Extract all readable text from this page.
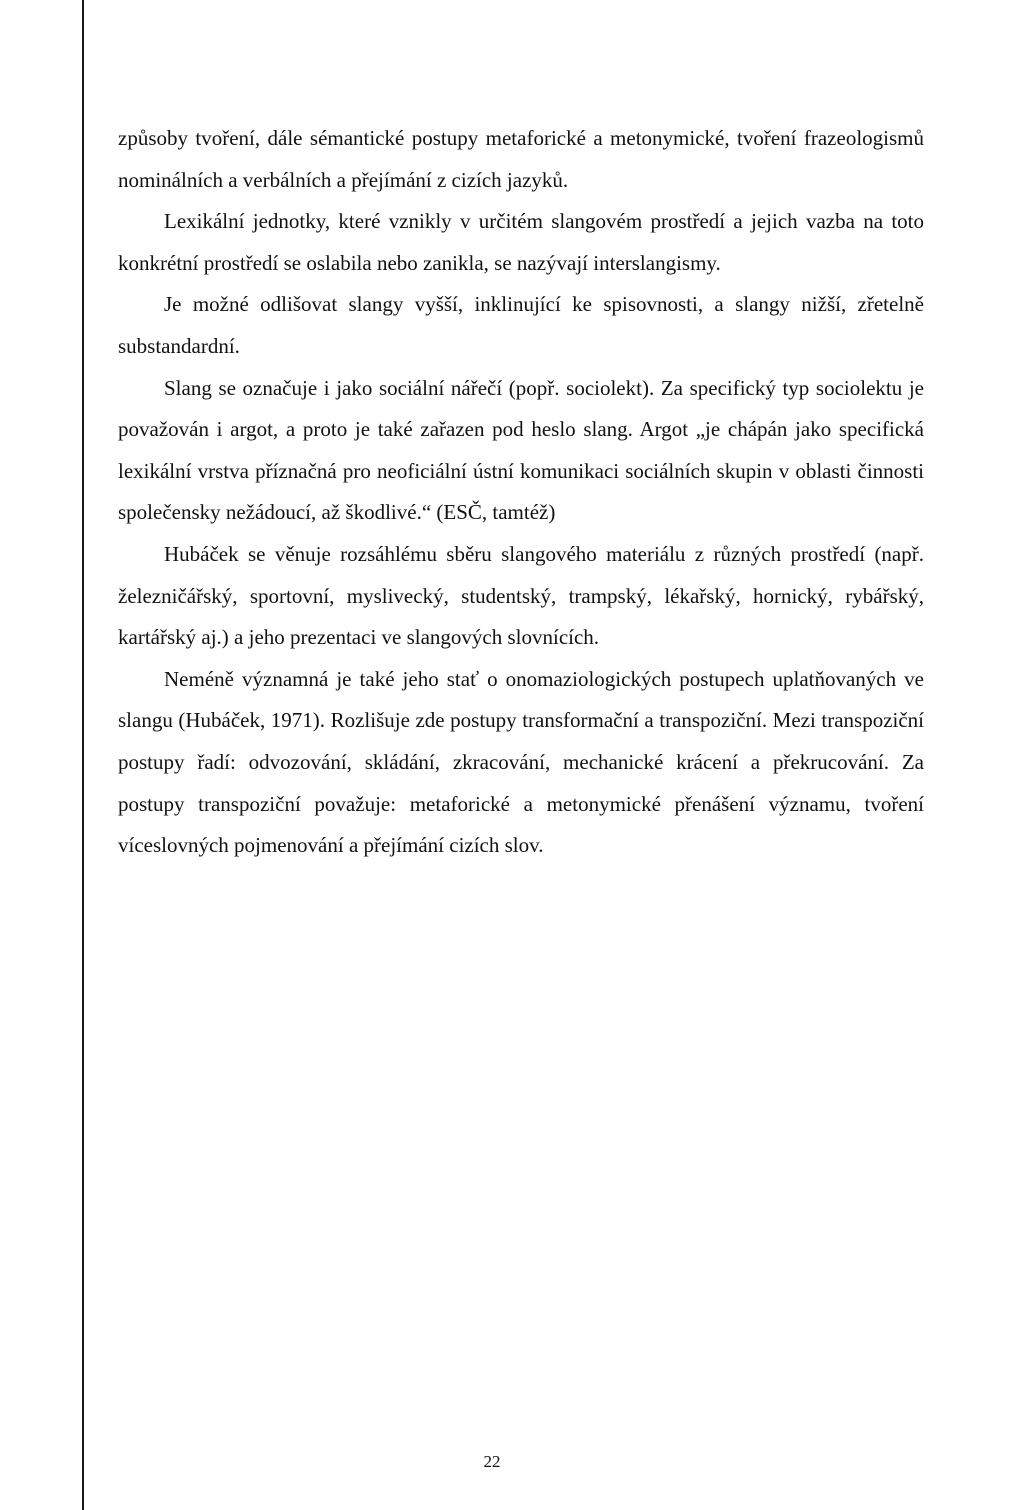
způsoby tvoření, dále sémantické postupy metaforické a metonymické, tvoření frazeologismů nominálních a verbálních a přejímání z cizích jazyků.

Lexikální jednotky, které vznikly v určitém slangovém prostředí a jejich vazba na toto konkrétní prostředí se oslabila nebo zanikla, se nazývají interslangismy.

Je možné odlišovat slangy vyšší, inklinující ke spisovnosti, a slangy nižší, zřetelně substandardní.

Slang se označuje i jako sociální nářečí (popř. sociolekt). Za specifický typ sociolektu je považován i argot, a proto je také zařazen pod heslo slang. Argot „je chápán jako specifická lexikální vrstva příznačná pro neoficiální ústní komunikaci sociálních skupin v oblasti činnosti společensky nežádoucí, až škodlivé.“ (ESČ, tamtéž)

Hubáček se věnuje rozsáhlému sběru slangového materiálu z různých prostředí (např. železničářský, sportovní, myslivecký, studentský, trampský, lékařský, hornický, rybářský, kartářský aj.) a jeho prezentaci ve slangových slovnících.

Neméně významná je také jeho stať o onomaziologických postupech uplatňovaných ve slangu (Hubáček, 1971). Rozlišuje zde postupy transformační a transpoziční. Mezi transpoziční postupy řadí: odvozování, skládání, zkracování, mechanické krácení a překrucování. Za postupy transpoziční považuje: metaforické a metonymické přenášení významu, tvoření víceslovných pojmenování a přejímání cizích slov.

22
